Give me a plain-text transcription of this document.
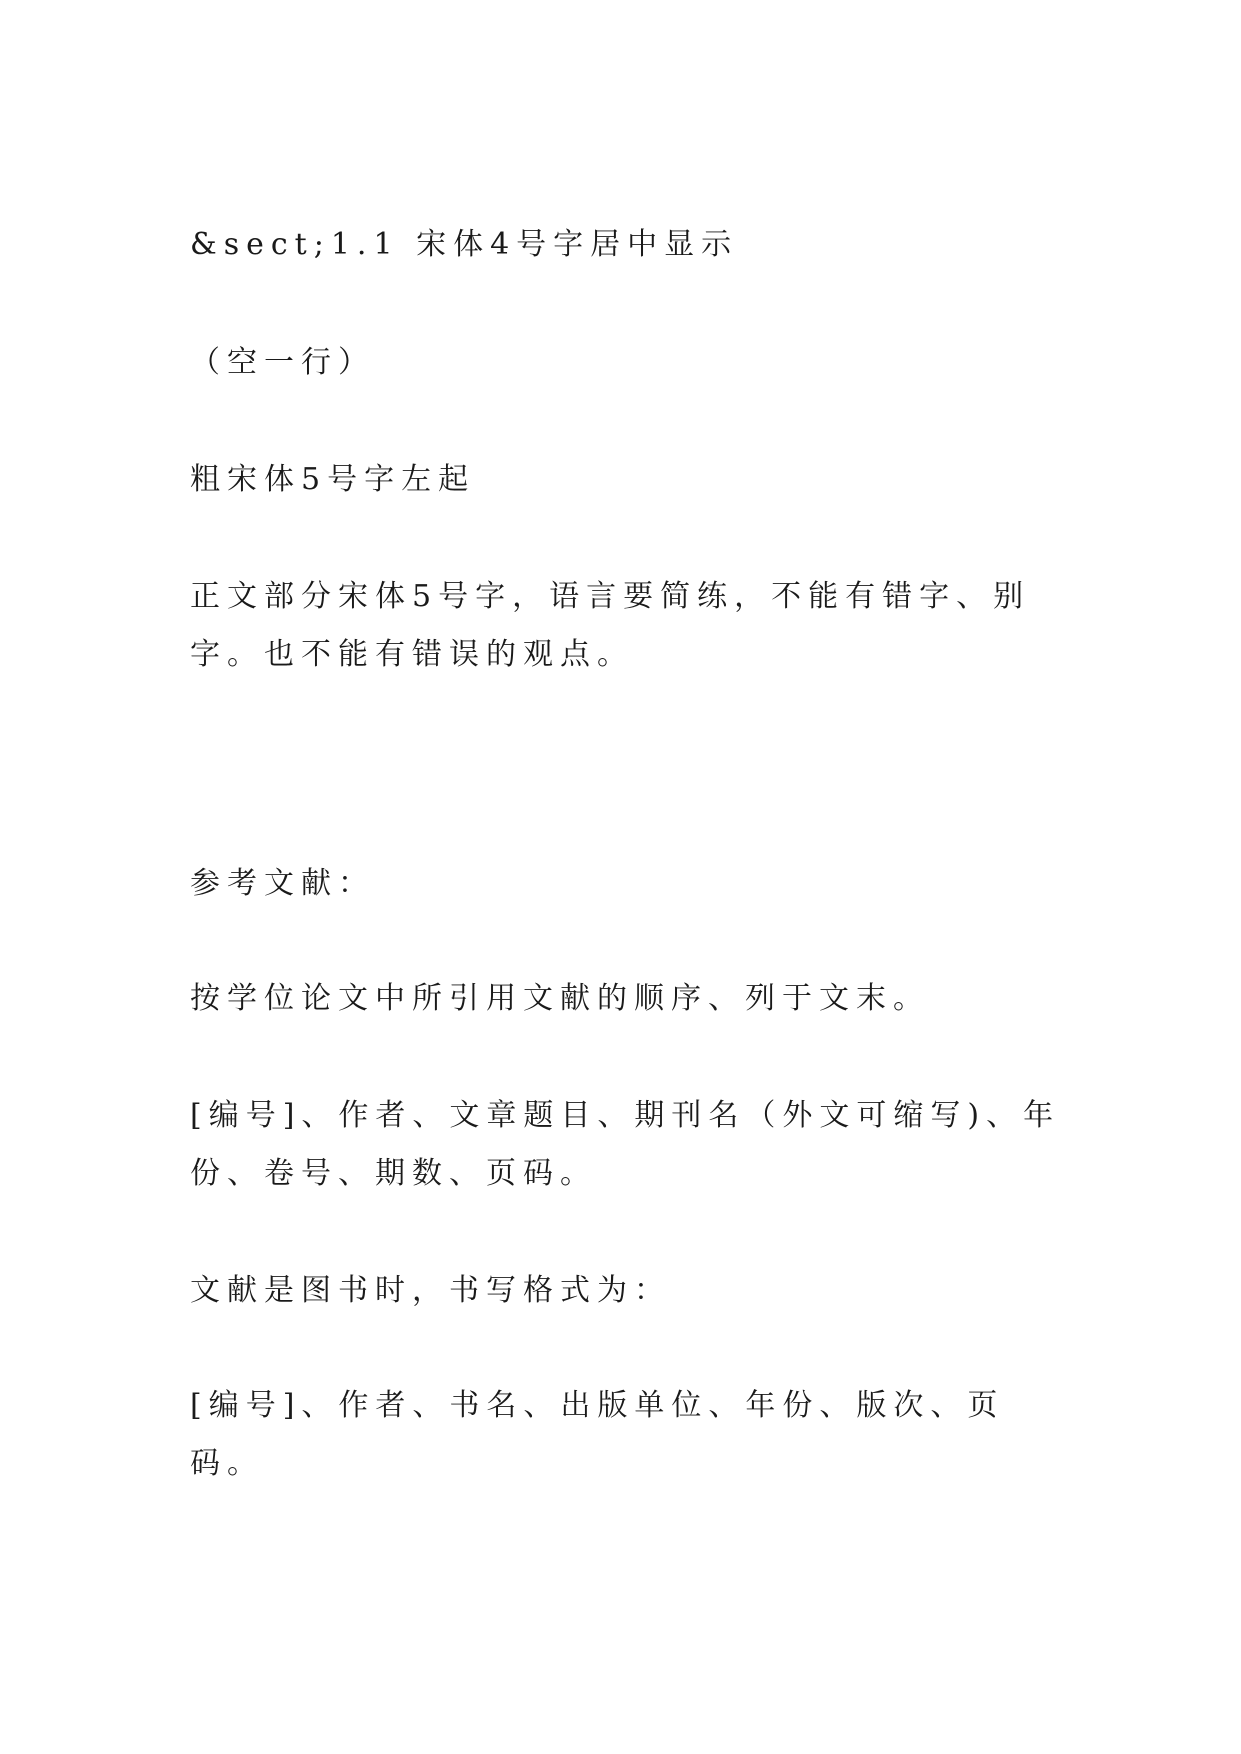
&sect;1.1 宋体4号字居中显示
（空一行）
粗宋体5号字左起
正文部分宋体5号字，语言要简练，不能有错字、别字。也不能有错误的观点。
参考文献：
按学位论文中所引用文献的顺序、列于文末。
[编号]、作者、文章题目、期刊名（外文可缩写)、年份、卷号、期数、页码。
文献是图书时，书写格式为：
[编号]、作者、书名、出版单位、年份、版次、页码。
